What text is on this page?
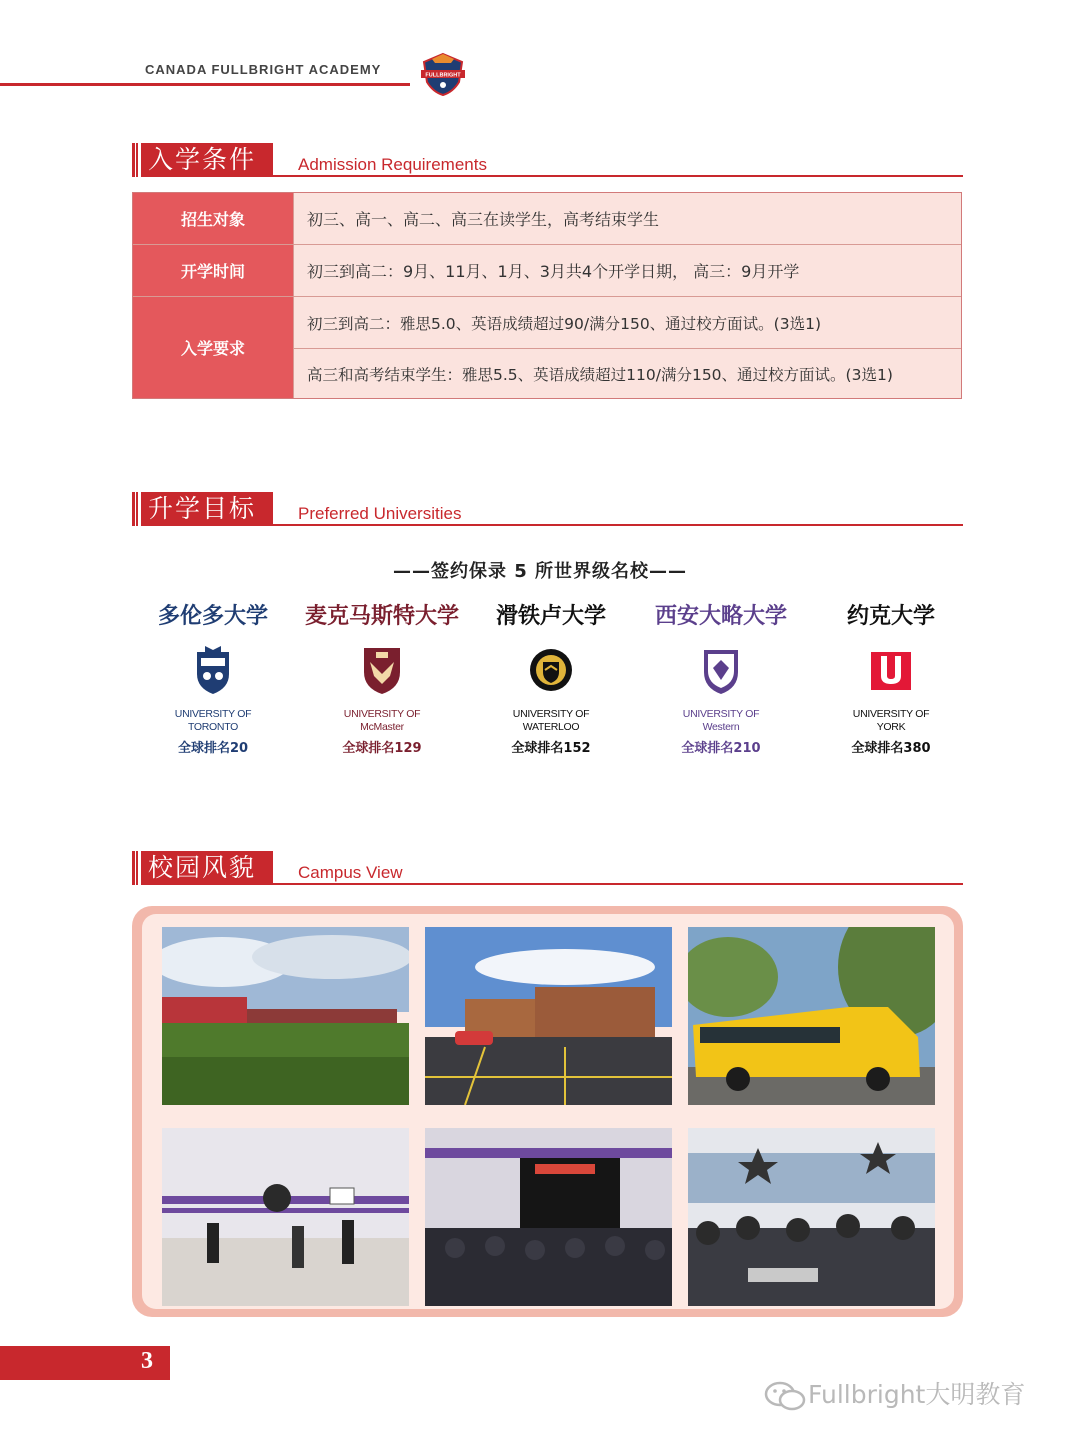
CANADA FULLBRIGHT ACADEMY	FULLBRIGHT
入学条件 Admission Requirements
招生对象	初三、高一、高二、高三在读学生，高考结束学生
开学时间	初三到高二：9月、11月、1月、3月共4个开学日期， 高三：9月开学
入学要求
初三到高二：雅思5.0、英语成绩超过90/满分150、通过校方面试。(3选1)
高三和高考结束学生：雅思5.5、英语成绩超过110/满分150、通过校方面试。(3选1)
升学目标 Preferred Universities
——签约保录 5 所世界级名校——
多伦多大学
UNIVERSITY OF
TORONTO
全球排名20
麦克马斯特大学
UNIVERSITY OF
McMaster
全球排名129
滑铁卢大学
UNIVERSITY OF
WATERLOO
全球排名152
西安大略大学
UNIVERSITY OF
Western
全球排名210
约克大学
UNIVERSITY OF
YORK
全球排名380
校园风貌 Campus View
3
Fullbright大明教育
